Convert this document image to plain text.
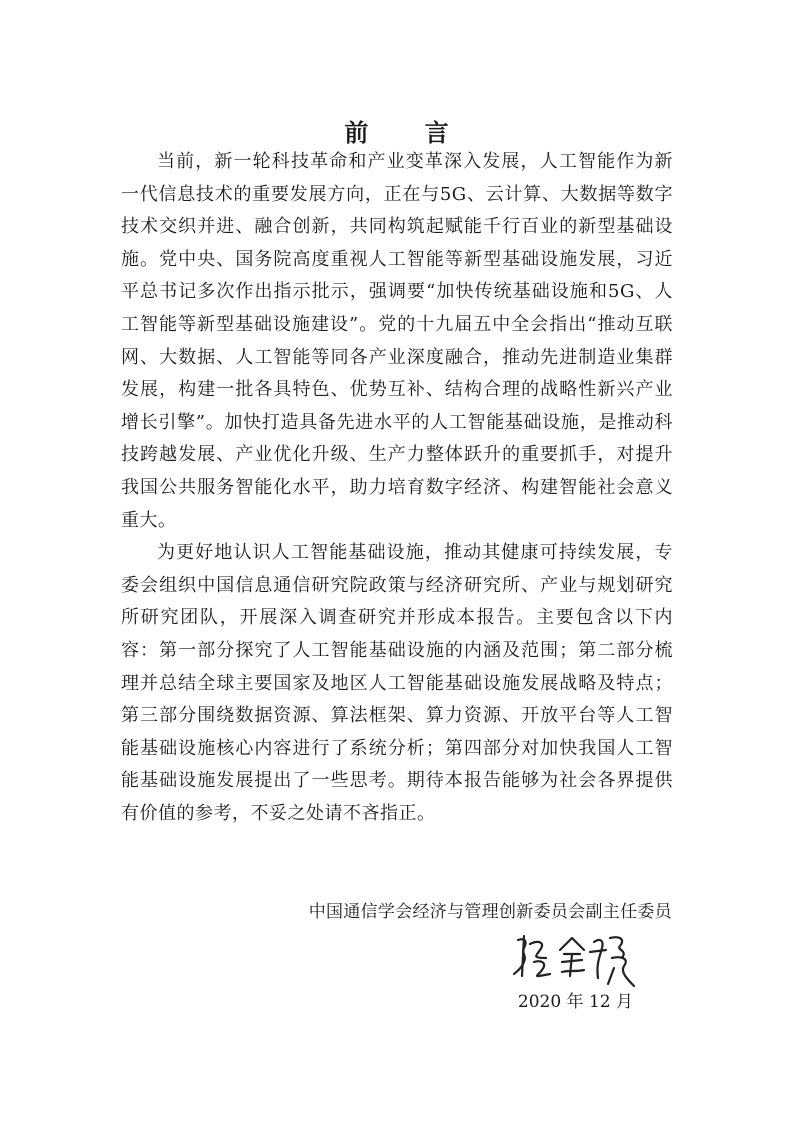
前 言

当前，新一轮科技革命和产业变革深入发展，人工智能作为新一代信息技术的重要发展方向，正在与5G、云计算、大数据等数字技术交织并进、融合创新，共同构筑起赋能千行百业的新型基础设施。党中央、国务院高度重视人工智能等新型基础设施发展，习近平总书记多次作出指示批示，强调要“加快传统基础设施和5G、人工智能等新型基础设施建设”。党的十九届五中全会指出“推动互联网、大数据、人工智能等同各产业深度融合，推动先进制造业集群发展，构建一批各具特色、优势互补、结构合理的战略性新兴产业增长引擎”。加快打造具备先进水平的人工智能基础设施，是推动科技跨越发展、产业优化升级、生产力整体跃升的重要抓手，对提升我国公共服务智能化水平，助力培育数字经济、构建智能社会意义重大。

为更好地认识人工智能基础设施，推动其健康可持续发展，专委会组织中国信息通信研究院政策与经济研究所、产业与规划研究所研究团队，开展深入调查研究并形成本报告。主要包含以下内容：第一部分探究了人工智能基础设施的内涵及范围；第二部分梳理并总结全球主要国家及地区人工智能基础设施发展战略及特点；第三部分围绕数据资源、算法框架、算力资源、开放平台等人工智能基础设施核心内容进行了系统分析；第四部分对加快我国人工智能基础设施发展提出了一些思考。期待本报告能够为社会各界提供有价值的参考，不妥之处请不吝指正。

中国通信学会经济与管理创新委员会副主任委员
2020 年 12 月
